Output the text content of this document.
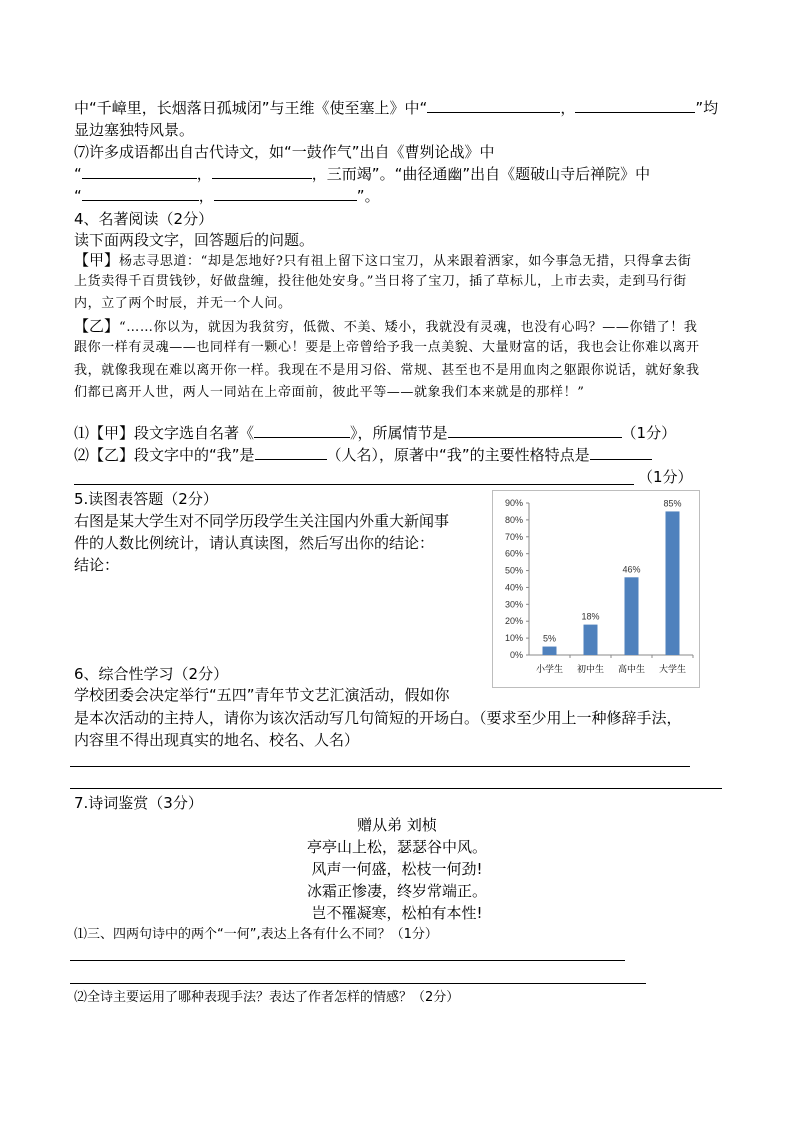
中“千嶂里，长烟落日孤城闭”与王维《使至塞上》中“	，	”均
显边塞独特风景。
⑺许多成语都出自古代诗文，如“一鼓作气”出自《曹刿论战》中
“	，	，三而竭”。“曲径通幽”出自《题破山寺后禅院》中
“	，	”。
4、名著阅读（2分）
读下面两段文字，回答题后的问题。
【甲】杨志寻思道：“却是怎地好?只有祖上留下这口宝刀，从来跟着洒家，如今事急无措，只得拿去街
上货卖得千百贯钱钞，好做盘缠，投往他处安身。”当日将了宝刀，插了草标儿，上市去卖，走到马行街
内，立了两个时辰，并无一个人问。
【乙】“……你以为，就因为我贫穷，低微、不美、矮小，我就没有灵魂，也没有心吗？——你错了！我
跟你一样有灵魂——也同样有一颗心！要是上帝曾给予我一点美貌、大量财富的话，我也会让你难以离开
我，就像我现在难以离开你一样。我现在不是用习俗、常规、甚至也不是用血肉之躯跟你说话，就好象我
们都已离开人世，两人一同站在上帝面前，彼此平等——就象我们本来就是的那样！”
⑴【甲】段文字选自名著《	》，所属情节是	（1分）
⑵【乙】段文字中的“我”是	（人名），原著中“我”的主要性格特点是
（1分）
5.读图表答题（2分）
右图是某大学生对不同学历段学生关注国内外重大新闻事
件的人数比例统计，请认真读图，然后写出你的结论：
结论：
0%
10%
20%
30%
40%
50%
60%
70%
80%
90%
5%
小学生
18%
初中生
46%
高中生
85%
大学生
6、综合性学习（2分）
学校团委会决定举行“五四”青年节文艺汇演活动，假如你
是本次活动的主持人，请你为该次活动写几句简短的开场白。（要求至少用上一种修辞手法，
内容里不得出现真实的地名、校名、人名）
7.诗词鉴赏（3分）
赠从弟 刘桢
亭亭山上松，瑟瑟谷中风。
风声一何盛，松枝一何劲!
冰霜正惨凄，终岁常端正。
岂不罹凝寒，松柏有本性!
⑴三、四两句诗中的两个“一何”,表达上各有什么不同？（1分）
⑵全诗主要运用了哪种表现手法？表达了作者怎样的情感？（2分）
